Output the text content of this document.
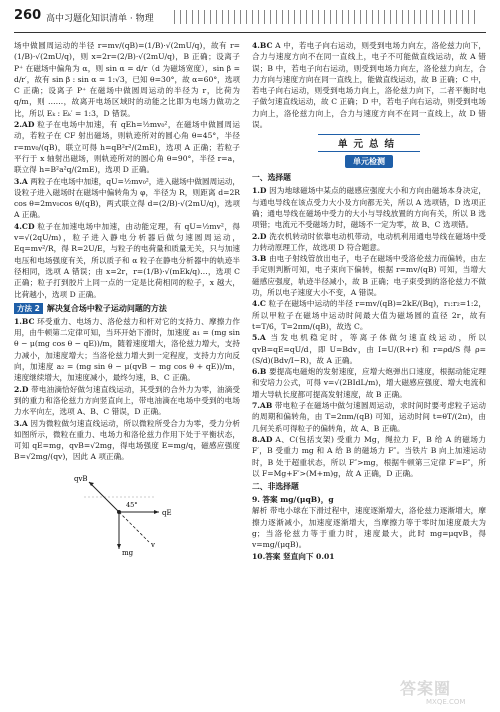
260 高中习题化知识清单 · 物理

场中做圆周运动的半径 r=mv/(qB)=(1/B)·√(2mU/q)，故有 r=(1/B)·√(2mU/q)，则 x=2r=(2/B)·√(2mU/q)，B 正确；设离子 P⁺ 在磁场中偏角为 α，则 sin α = d/r（d 为磁场宽度），sin β = d/r′，故有 sin β : sin α = 1:√3，已知 θ=30°，故 α=60°，选项 C 正确；设离子 P⁺ 在磁场中做圆周运动的半径为 r，比荷为 q/m，则 ……，故离开电场区域时的动能之比即为电场力做功之比，所以 Eₖ : Eₖ′ = 1:3，D 错误。

2.AD 粒子在电场中加速，有 qEh=½mv₀²，在磁场中做圆周运动，若粒子在 CF 射出磁场，则轨迹所对的圆心角 θ=45°，半径 r=mv₀/(qB)，联立可得 h=qB²r²/(2mE)，选项 A 正确；若粒子平行于 x 轴射出磁场，则轨迹所对的圆心角 θ=90°，半径 r=a，联立得 h=B²a²q/(2mE)，选项 D 正确。

3.A 两粒子在电场中加速，qU=½mv₀²，进入磁场中做圆周运动，设粒子进入磁场时在磁场中偏转角为 φ，半径为 R，则距离 d=2R cos θ=2mv₀cos θ/(qB)，两式联立得 d=(2/B)·√(2mU/q)，选项 A 正确。

4.CD 粒子在加速电场中加速，由动能定理，有 qU=½mv²，得 v=√(2qU/m)，粒子进入静电分析器后做匀速圆周运动，Eq=mv²/R，得 R=2U/E，与粒子的电荷量和质量无关，只与加速电压和电场强度有关，所以质子和 α 粒子在静电分析器中的轨迹半径相同，选项 A 错误；由 x=2r，r=(1/B)·√(mEk/q)…，选项 C 正确；粒子打到胶片上同一点的一定是比荷相同的粒子，x 越大，比荷越小，选项 D 正确。

方法 2 解决复合场中粒子运动问题的方法

1.BC 环受重力、电场力、洛伦兹力和杆对它的支持力、摩擦力作用，由牛顿第二定律可知，当环开始下滑时，加速度 a₁ = (mg sin θ − μ(mg cos θ − qE))/m，随着速度增大，洛伦兹力增大，支持力减小，加速度增大；当洛伦兹力增大到一定程度，支持力方向反向，加速度 a₂ = (mg sin θ − μ(qvB − mg cos θ + qE))/m，速度继续增大，加速度减小，最终匀速，B、C 正确。

2.D 带电油滴恰好做匀速直线运动，其受到的合外力为零，油滴受到的重力和洛伦兹力方向竖直向上，带电油滴在电场中受到的电场力水平向左，选项 A、B、C 错误，D 正确。

3.A 因为微粒做匀速直线运动，所以微粒所受合力为零，受力分析如图所示，微粒在重力、电场力和洛伦兹力作用下处于平衡状态，可知 qE=mg，qvB=√2mg，得电场强度 E=mg/q，磁感应强度 B=√2mg/(qv)，因此 A 项正确。

qvB
qE
mg
v
45°

4.BC A 中，若电子向右运动，则受到电场力向左，洛伦兹力向下，合力与速度方向不在同一直线上，电子不可能做直线运动，故 A 错误；B 中，若电子向右运动，则受到电场力向左，洛伦兹力向左，合力方向与速度方向在同一直线上，能做直线运动，故 B 正确；C 中，若电子向右运动，则受到电场力向上，洛伦兹力向下，二者平衡时电子做匀速直线运动，故 C 正确；D 中，若电子向右运动，则受到电场力向上，洛伦兹力向上，合力与速度方向不在同一直线上，故 D 错误。

单元总结
单元检测
一、选择题

1.D 因为地球磁场中某点的磁感应强度大小和方向由磁场本身决定，与通电导线在该点受力大小及方向都无关，所以 A 选项错，D 选项正确；通电导线在磁场中受力的大小与导线放置的方向有关，所以 B 选项错；电流元不受磁场力时，磁场不一定为零，故 B、C 选项错。

2.D 洗衣机转动时依靠电动机带动，电动机利用通电导线在磁场中受力转动原理工作，故选项 D 符合题意。

3.B 由电子射线管放出电子，电子在磁场中受洛伦兹力而偏转，由左手定则判断可知，电子束向下偏转，根据 r=mv/(qB) 可知，当增大磁感应强度，轨迹半径减小，故 B 正确；电子束受到的洛伦兹力不做功，所以电子速度大小不变，A 错误。

4.C 粒子在磁场中运动的半径 r=mv/(qB)=2kE/(Bq)，r₁:r₂=1:2，所以甲粒子在磁场中运动时间最大值为磁场圆的直径 2r，故有 t=T/6，T=2πm/(qB)，故选 C。

5.A 当发电机稳定时，等离子体做匀速直线运动，所以 qvB=qE=qU/d，即 U=Bdv，由 I=U/(R+r) 和 r=ρd/S 得 ρ=(S/d)(Bdv/I−R)，故 A 正确。

6.B 要提高电磁炮的发射速度，应增大炮弹出口速度，根据动能定理和安培力公式，可得 v=√(2BIdL/m)，增大磁感应强度、增大电流和增大导轨长度都可提高发射速度，故 B 正确。

7.AB 带电粒子在磁场中做匀速圆周运动，求时间时要考虑粒子运动的周期和偏转角，由 T=2πm/(qB) 可知，运动时间 t=θT/(2π)，由几何关系可得粒子的偏转角，故 A、B 正确。

8.AD A、C(包括支架) 受重力 Mg，绳拉力 F，B 给 A 的磁场力 F′，B 受重力 mg 和 A 给 B 的磁场力 F″。当铁片 B 向上加速运动时，B 处于超重状态，所以 F″>mg，根据牛顿第三定律 F′=F″，所以 F=Mg+F′>(M+m)g，故 A 正确，D 正确。

二、非选择题

9. 答案 mg/(μqB)，g

解析 带电小球在下滑过程中，速度逐渐增大，洛伦兹力逐渐增大，摩擦力逐渐减小，加速度逐渐增大，当摩擦力等于零时加速度最大为 g；当洛伦兹力等于重力时，速度最大，此时 mg=μqvB，得 v=mg/(μqB)。

10.答案 竖直向下 0.01

答案圈
MXQE.COM
